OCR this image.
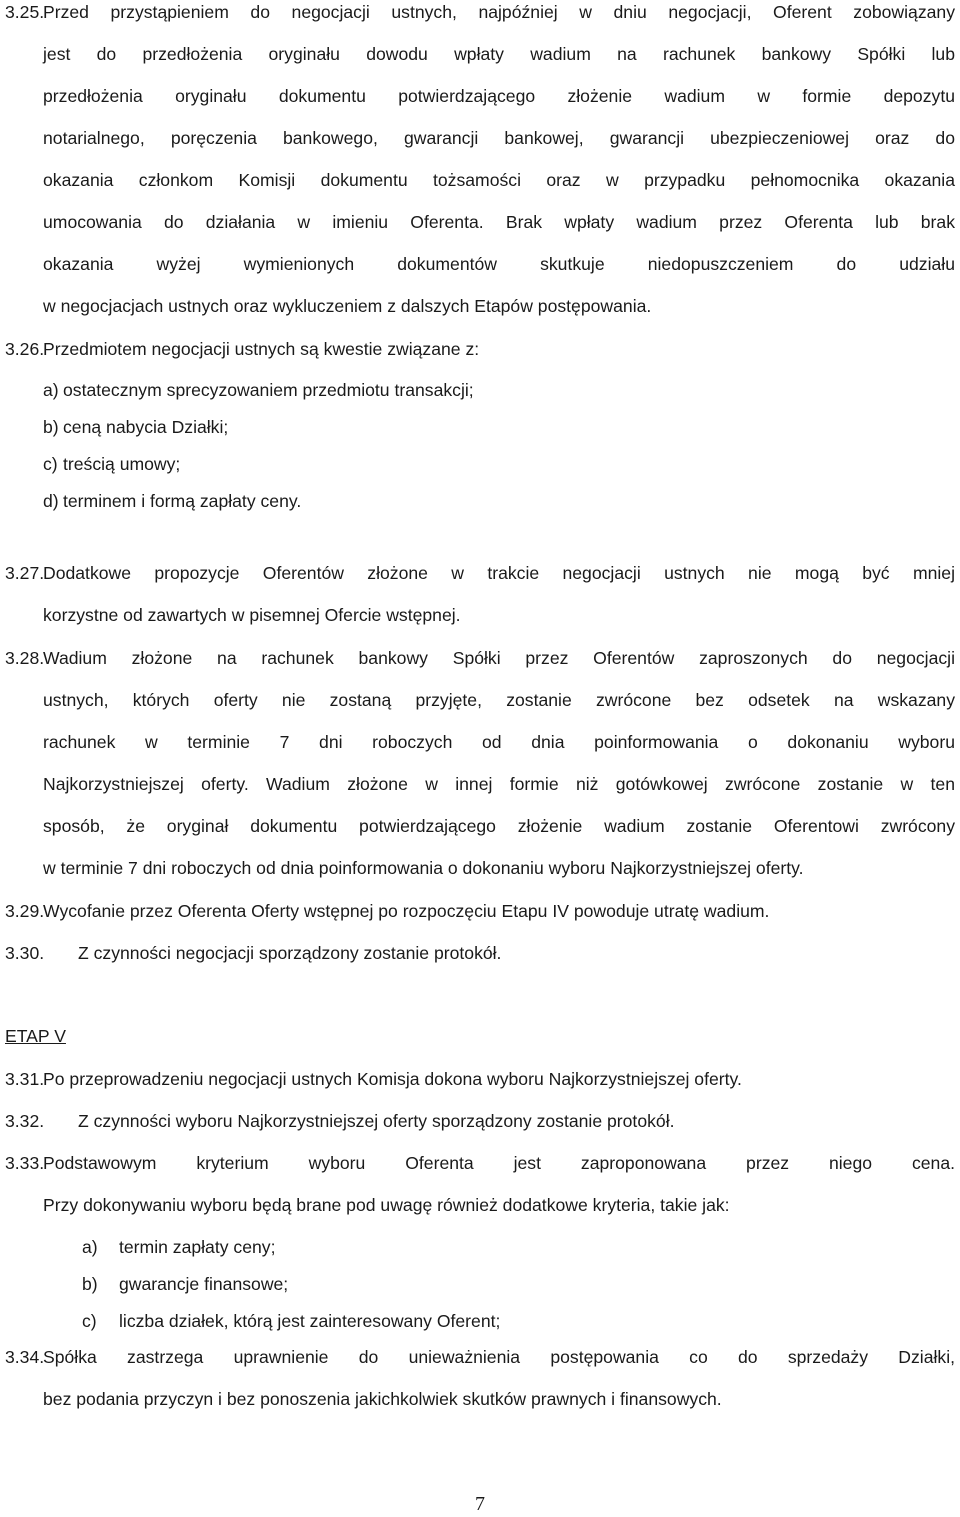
3.25.
Przed przystąpieniem do negocjacji ustnych, najpóźniej w dniu negocjacji, Oferent zobowiązany
jest do przedłożenia oryginału dowodu wpłaty wadium na rachunek bankowy Spółki lub
przedłożenia oryginału dokumentu potwierdzającego złożenie wadium w formie depozytu
notarialnego, poręczenia bankowego, gwarancji bankowej, gwarancji ubezpieczeniowej oraz do
okazania członkom Komisji dokumentu tożsamości oraz w przypadku pełnomocnika okazania
umocowania do działania w imieniu Oferenta. Brak wpłaty wadium przez Oferenta lub brak
okazania wyżej wymienionych dokumentów skutkuje niedopuszczeniem do udziału
w negocjacjach ustnych oraz wykluczeniem z dalszych Etapów postępowania.
3.26.
Przedmiotem negocjacji ustnych są kwestie związane z:
a) ostatecznym sprecyzowaniem przedmiotu transakcji;
b) ceną nabycia Działki;
c) treścią umowy;
d) terminem i formą zapłaty ceny.
3.27.
Dodatkowe propozycje Oferentów złożone w trakcie negocjacji ustnych nie mogą być mniej
korzystne od zawartych w pisemnej Ofercie wstępnej.
3.28.
Wadium złożone na rachunek bankowy Spółki przez Oferentów zaproszonych do negocjacji
ustnych, których oferty nie zostaną przyjęte, zostanie zwrócone bez odsetek na wskazany
rachunek w terminie 7 dni roboczych od dnia poinformowania o dokonaniu wyboru
Najkorzystniejszej oferty. Wadium złożone w innej formie niż gotówkowej zwrócone zostanie w ten
sposób, że oryginał dokumentu potwierdzającego złożenie wadium zostanie Oferentowi zwrócony
w terminie 7 dni roboczych od dnia poinformowania o dokonaniu wyboru Najkorzystniejszej oferty.
3.29.
Wycofanie przez Oferenta Oferty wstępnej po rozpoczęciu Etapu IV powoduje utratę wadium.
3.30. Z czynności negocjacji sporządzony zostanie protokół.
ETAP V
3.31.
Po przeprowadzeniu negocjacji ustnych Komisja dokona wyboru Najkorzystniejszej oferty.
3.32. Z czynności wyboru Najkorzystniejszej oferty sporządzony zostanie protokół.
3.33.
Podstawowym kryterium wyboru Oferenta jest zaproponowana przez niego cena.
Przy dokonywaniu wyboru będą brane pod uwagę również dodatkowe kryteria, takie jak:
a) termin zapłaty ceny;
b) gwarancje finansowe;
c) liczba działek, którą jest zainteresowany Oferent;
3.34.
Spółka zastrzega uprawnienie do unieważnienia postępowania co do sprzedaży Działki,
bez podania przyczyn i bez ponoszenia jakichkolwiek skutków prawnych i finansowych.
7
